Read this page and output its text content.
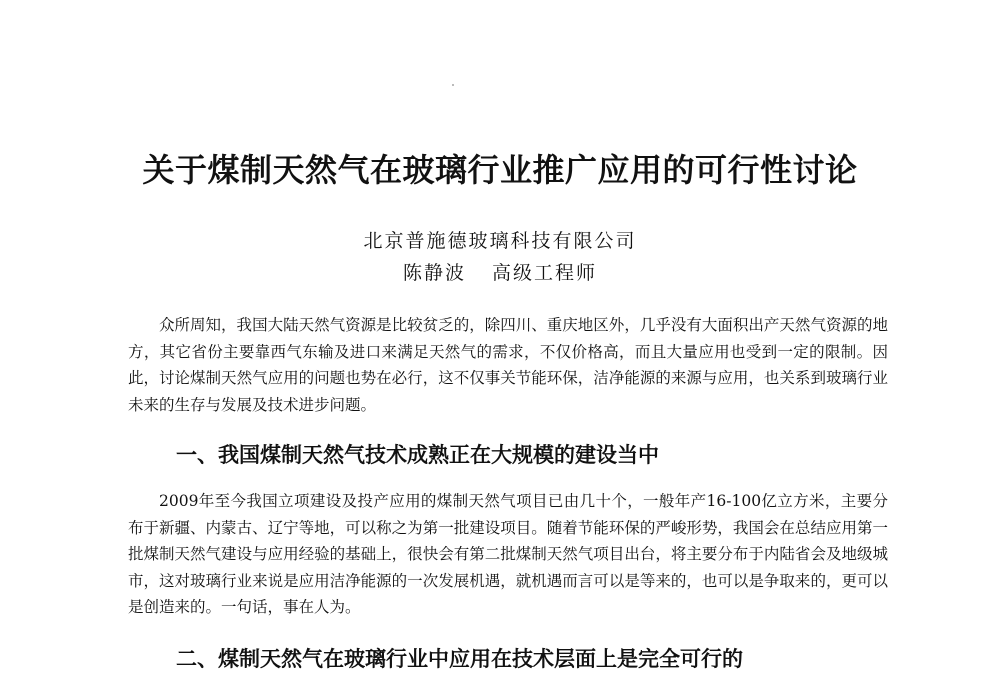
关于煤制天然气在玻璃行业推广应用的可行性讨论
北京普施德玻璃科技有限公司
陈静波 高级工程师

众所周知，我国大陆天然气资源是比较贫乏的，除四川、重庆地区外，几乎没有大面积出产天然气资源的地方，其它省份主要靠西气东输及进口来满足天然气的需求，不仅价格高，而且大量应用也受到一定的限制。因此，讨论煤制天然气应用的问题也势在必行，这不仅事关节能环保，洁净能源的来源与应用，也关系到玻璃行业未来的生存与发展及技术进步问题。

一、我国煤制天然气技术成熟正在大规模的建设当中

2009年至今我国立项建设及投产应用的煤制天然气项目已由几十个，一般年产16-100亿立方米，主要分布于新疆、内蒙古、辽宁等地，可以称之为第一批建设项目。随着节能环保的严峻形势，我国会在总结应用第一批煤制天然气建设与应用经验的基础上，很快会有第二批煤制天然气项目出台，将主要分布于内陆省会及地级城市，这对玻璃行业来说是应用洁净能源的一次发展机遇，就机遇而言可以是等来的，也可以是争取来的，更可以是创造来的。一句话，事在人为。

二、煤制天然气在玻璃行业中应用在技术层面上是完全可行的
